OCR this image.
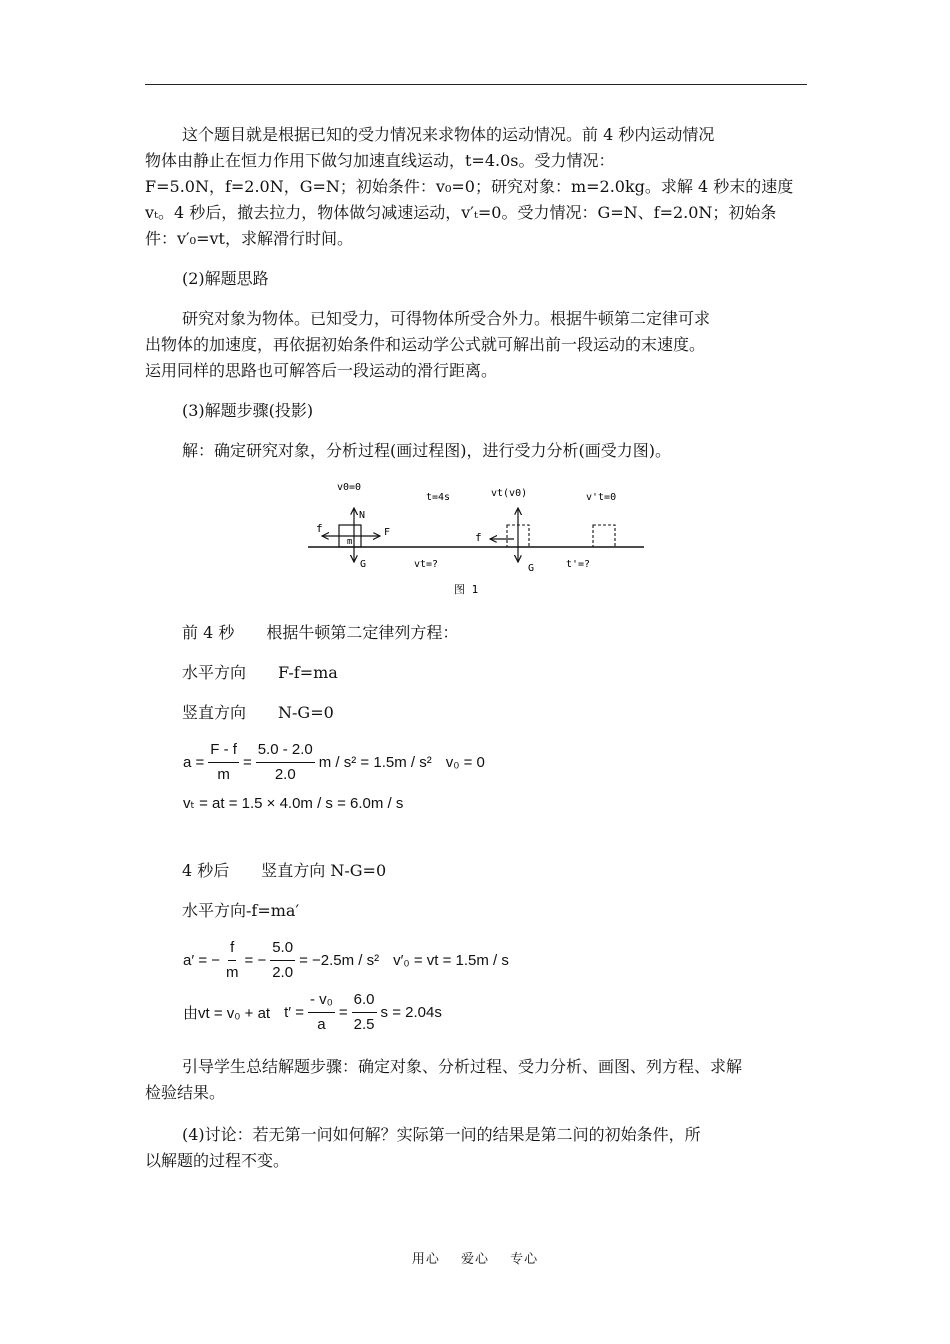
这个题目就是根据已知的受力情况来求物体的运动情况。前 4 秒内运动情况

物体由静止在恒力作用下做匀加速直线运动，t=4.0s。受力情况：

F=5.0N，f=2.0N，G=N；初始条件：v₀=0；研究对象：m=2.0kg。求解 4 秒末的速度

vₜ。4 秒后，撤去拉力，物体做匀减速运动，v′ₜ=0。受力情况：G=N、f=2.0N；初始条

件：v′₀=vt，求解滑行时间。

(2)解题思路

研究对象为物体。已知受力，可得物体所受合外力。根据牛顿第二定律可求

出物体的加速度，再依据初始条件和运动学公式就可解出前一段运动的末速度。

运用同样的思路也可解答后一段运动的滑行距离。

(3)解题步骤(投影)

解：确定研究对象，分析过程(画过程图)，进行受力分析(画受力图)。

v0=0
t=4s	vt(v0)	v't=0
N
F
f
m
G
f
G
vt=?	t'=?
图 1

前 4 秒　　根据牛顿第二定律列方程：

水平方向　　F-f=ma

竖直方向　　N-G=0

$a = \frac{F - f}{m} = \frac{5.0 - 2.0}{2.0}$ m / s² = 1.5m / s² v₀ = 0
vₜ = at = 1.5 × 4.0m / s = 6.0m / s

4 秒后　　竖直方向 N-G=0

水平方向-f=ma′

a′ = − $\frac{f}{m}$ = − $\frac{5.0}{2.0} = -2.5m / s^2$ v′₀ = vt = 1.5m / s
由vt = v₀ + at $t' = \frac{\text{- v₀}}{a} = \frac{6.0}{2.5}$ s = 2.04s

引导学生总结解题步骤：确定对象、分析过程、受力分析、画图、列方程、求解

检验结果。

(4)讨论：若无第一问如何解？实际第一问的结果是第二问的初始条件，所

以解题的过程不变。

用心 爱心 专心
